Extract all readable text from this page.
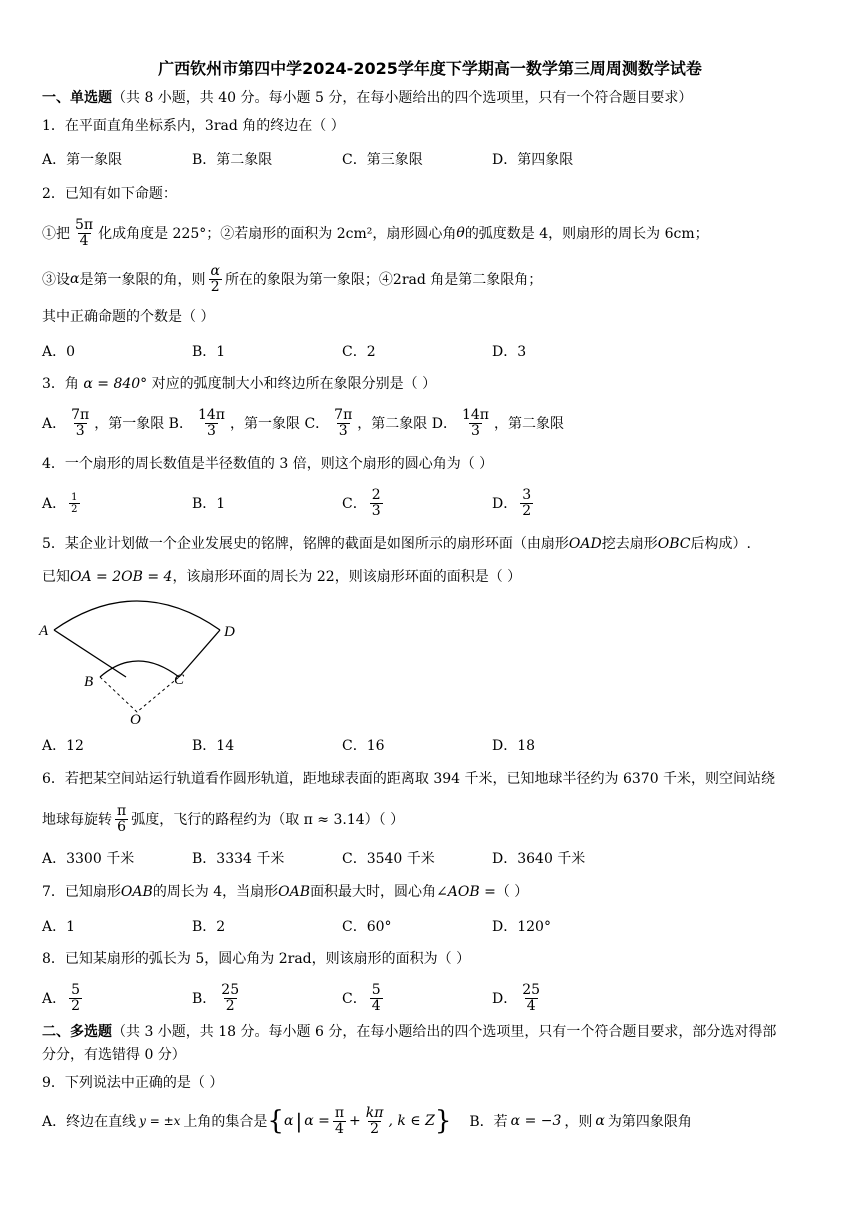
广西钦州市第四中学2024-2025学年度下学期高一数学第三周周测数学试卷
一、单选题（共 8 小题，共 40 分。每小题 5 分，在每小题给出的四个选项里，只有一个符合题目要求）
1．在平面直角坐标系内，3rad 角的终边在（ ）
A．第一象限	B．第二象限	C．第三象限	D．第四象限
2．已知有如下命题：
①把 $\frac{5\pi}{4}$ 化成角度是 225°；②若扇形的面积为 2cm²，扇形圆心角 θ 的弧度数是 4，则扇形的周长为 6cm；
③设 α 是第一象限的角，则 $\frac{\alpha}{2}$ 所在的象限为第一象限；④2rad 角是第二象限角；
其中正确命题的个数是（ ）
A．0	B．1	C．2	D．3
3．角 α = 840° 对应的弧度制大小和终边所在象限分别是（ ）
A． $\frac{7\pi}{3}$ ，第一象限 B． $\frac{14\pi}{3}$ ，第一象限 C． $\frac{7\pi}{3}$ ，第二象限 D． $\frac{14\pi}{3}$ ，第二象限
4．一个扇形的周长数值是半径数值的 3 倍，则这个扇形的圆心角为（ ）
A． $\frac{1}{2}$	B．1	C． $\frac{2}{3}$	D． $\frac{3}{2}$
5．某企业计划做一个企业发展史的铭牌，铭牌的截面是如图所示的扇形环面（由扇形OAD挖去扇形OBC后构成）.
已知OA = 2OB = 4，该扇形环面的周长为 22，则该扇形环面的面积是（ ）
A	D
B	C
O
A．12	B．14	C．16	D．18
6．若把某空间站运行轨道看作圆形轨道，距地球表面的距离取 394 千米，已知地球半径约为 6370 千米，则空间站绕
地球每旋转 $\frac{\pi}{6}$ 弧度，飞行的路程约为（取 π ≈ 3.14）（ ）
A．3300 千米	B．3334 千米	C．3540 千米	D．3640 千米
7．已知扇形OAB的周长为 4，当扇形OAB面积最大时，圆心角∠AOB =（ ）
A．1	B．2	C．60°	D．120°
8．已知某扇形的弧长为 5，圆心角为 2rad，则该扇形的面积为（ ）
A． $\frac{5}{2}$	B． $\frac{25}{2}$	C． $\frac{5}{4}$	D． $\frac{25}{4}$
二、多选题（共 3 小题，共 18 分。每小题 6 分，在每小题给出的四个选项里，只有一个符合题目要求，部分选对得部
分分，有选错得 0 分）
9．下列说法中正确的是（ ）
A．终边在直线 y = ±x 上角的集合是 { α | $\alpha = \frac{\pi}{4} + \frac{k\pi}{2}$ , k ∈ Z } B．若 α = −3 ，则 α 为第四象限角
